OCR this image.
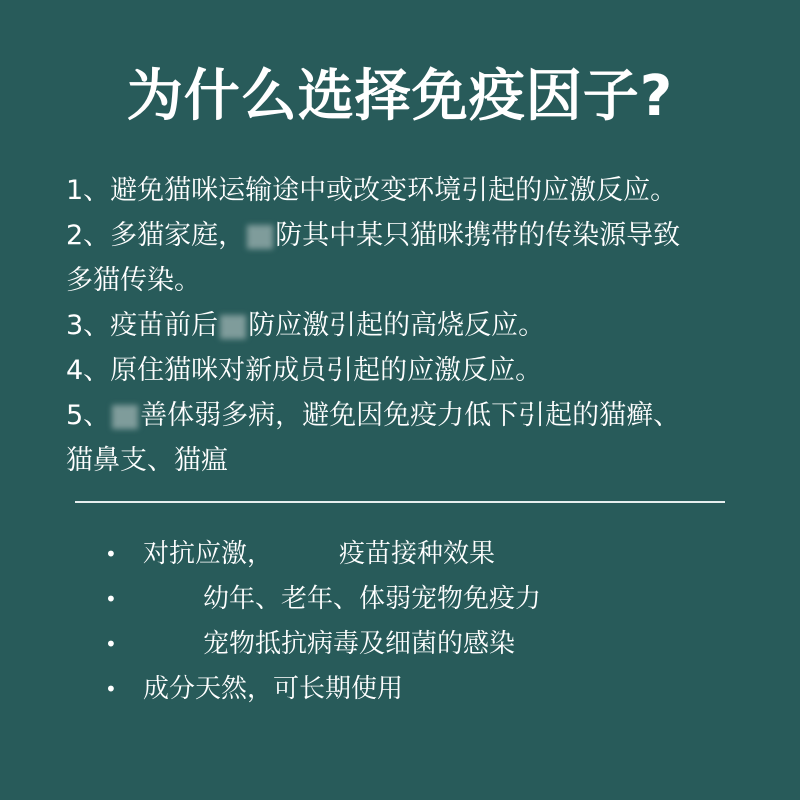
为什么选择免疫因子?

1、避免猫咪运输途中或改变环境引起的应激反应。

2、多猫家庭， 防其中某只猫咪携带的传染源导致

多猫传染。

3、疫苗前后 防应激引起的高烧反应。

4、原住猫咪对新成员引起的应激反应。

5、 善体弱多病，避免因免疫力低下引起的猫癣、

猫鼻支、猫瘟

•	对抗应激，	疫苗接种效果
•	幼年、老年、体弱宠物免疫力
•	宠物抵抗病毒及细菌的感染
•	成分天然，可长期使用
